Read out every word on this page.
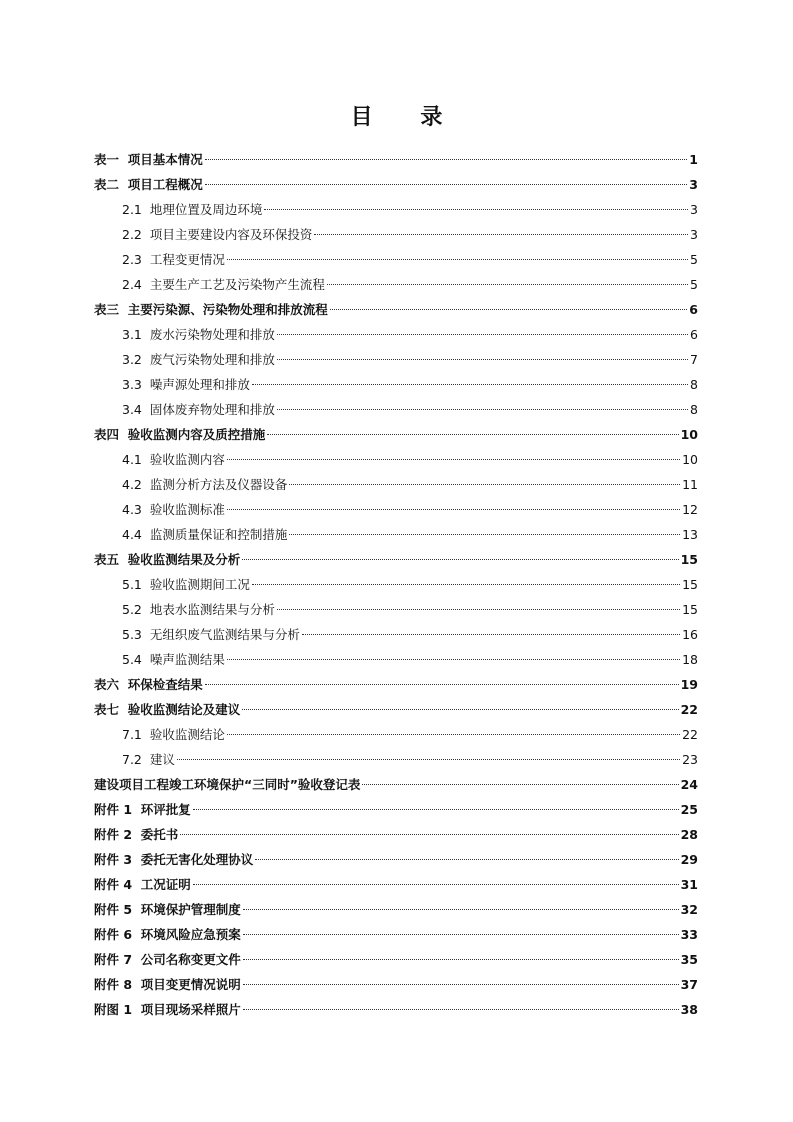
目 录
表一  项目基本情况	1
表二  项目工程概况	3
2.1  地理位置及周边环境	3
2.2  项目主要建设内容及环保投资	3
2.3  工程变更情况	5
2.4  主要生产工艺及污染物产生流程	5
表三  主要污染源、污染物处理和排放流程	6
3.1  废水污染物处理和排放	6
3.2  废气污染物处理和排放	7
3.3  噪声源处理和排放	8
3.4  固体废弃物处理和排放	8
表四  验收监测内容及质控措施	10
4.1  验收监测内容	10
4.2  监测分析方法及仪器设备	11
4.3  验收监测标准	12
4.4  监测质量保证和控制措施	13
表五  验收监测结果及分析	15
5.1  验收监测期间工况	15
5.2  地表水监测结果与分析	15
5.3  无组织废气监测结果与分析	16
5.4  噪声监测结果	18
表六  环保检查结果	19
表七  验收监测结论及建议	22
7.1  验收监测结论	22
7.2  建议	23
建设项目工程竣工环境保护“三同时”验收登记表	24
附件 1  环评批复	25
附件 2  委托书	28
附件 3  委托无害化处理协议	29
附件 4  工况证明	31
附件 5  环境保护管理制度	32
附件 6  环境风险应急预案	33
附件 7  公司名称变更文件	35
附件 8  项目变更情况说明	37
附图 1  项目现场采样照片	38
